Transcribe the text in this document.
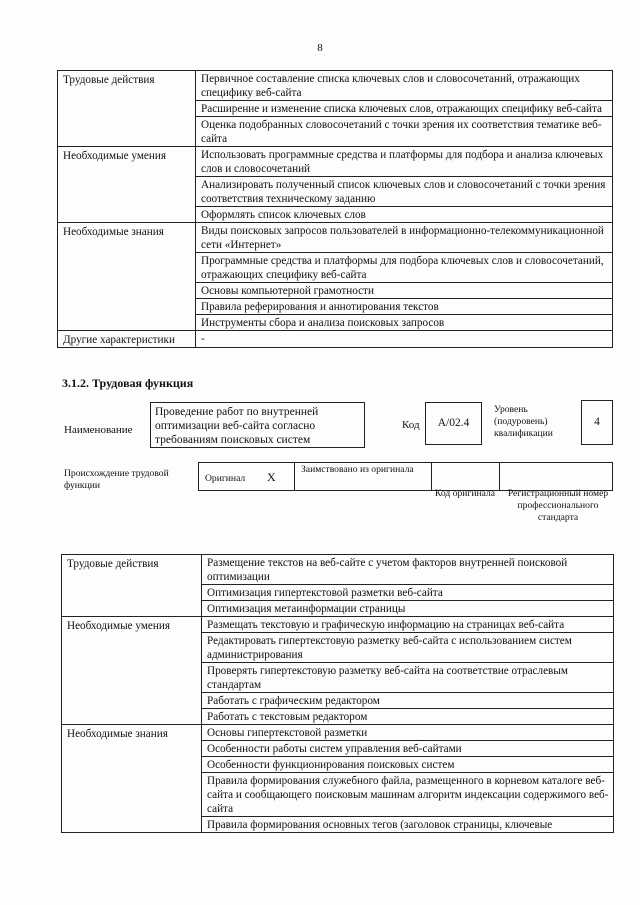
8
Трудовые действия	Первичное составление списка ключевых слов и словосочетаний, отражающих специфику веб-сайта
	Расширение и изменение списка ключевых слов, отражающих специфику веб-сайта
	Оценка подобранных словосочетаний с точки зрения их соответствия тематике веб-сайта
Необходимые умения	Использовать программные средства и платформы для подбора и анализа ключевых слов и словосочетаний
	Анализировать полученный список ключевых слов и словосочетаний с точки зрения соответствия техническому заданию
	Оформлять список ключевых слов
Необходимые знания	Виды поисковых запросов пользователей в информационно-телекоммуникационной сети «Интернет»
	Программные средства и платформы для подбора ключевых слов и словосочетаний, отражающих специфику веб-сайта
	Основы компьютерной грамотности
	Правила реферирования и аннотирования текстов
	Инструменты сбора и анализа поисковых запросов
Другие характеристики	-
3.1.2. Трудовая функция
Наименование
Проведение работ по внутренней оптимизации веб-сайта согласно требованиям поисковых систем
Код	A/02.4
Уровень (подуровень) квалификации
4
Происхождение трудовой функции
Оригинал X
Заимствовано из оригинала
Код оригинала	Регистрационный номер профессионального стандарта
Трудовые действия	Размещение текстов на веб-сайте с учетом факторов внутренней поисковой оптимизации
	Оптимизация гипертекстовой разметки веб-сайта
	Оптимизация метаинформации страницы
Необходимые умения	Размещать текстовую и графическую информацию на страницах веб-сайта
	Редактировать гипертекстовую разметку веб-сайта с использованием систем администрирования
	Проверять гипертекстовую разметку веб-сайта на соответствие отраслевым стандартам
	Работать с графическим редактором
	Работать с текстовым редактором
Необходимые знания	Основы гипертекстовой разметки
	Особенности работы систем управления веб-сайтами
	Особенности функционирования поисковых систем
	Правила формирования служебного файла, размещенного в корневом каталоге веб-сайта и сообщающего поисковым машинам алгоритм индексации содержимого веб-сайта
	Правила формирования основных тегов (заголовок страницы, ключевые
